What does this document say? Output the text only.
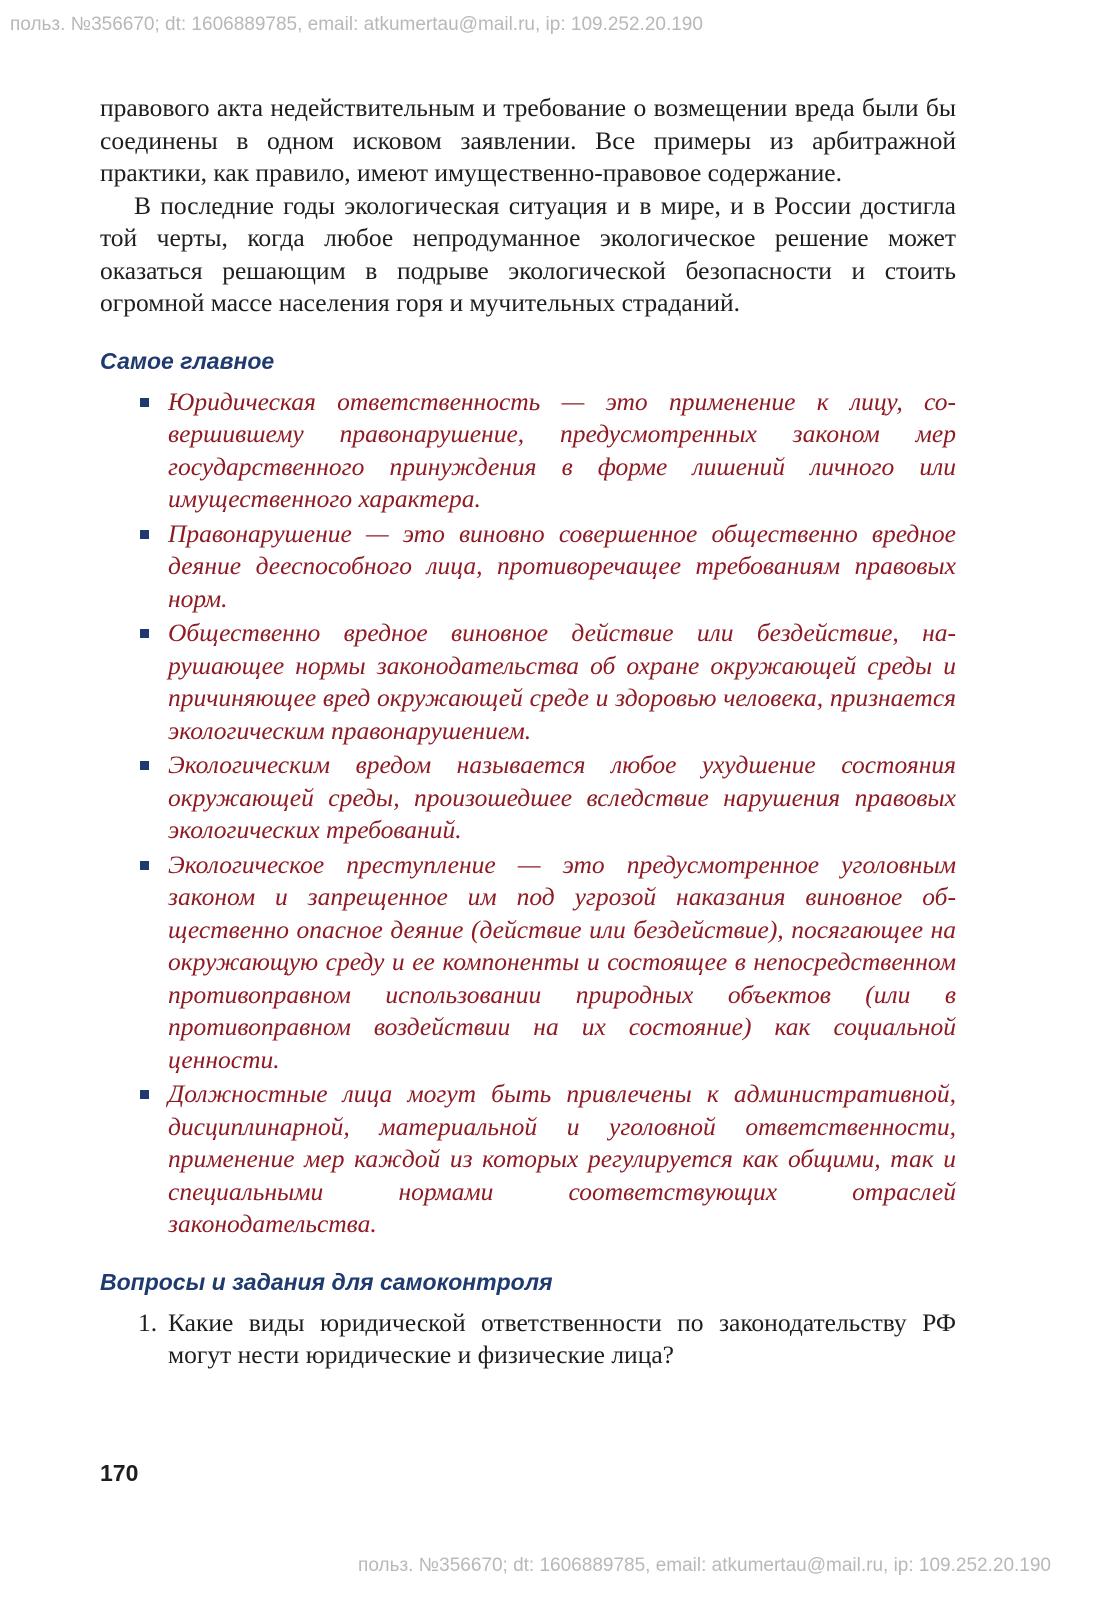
польз. №356670; dt: 1606889785, email: atkumertau@mail.ru, ip: 109.252.20.190

правового акта недействительным и требование о возмещении вреда были бы соединены в одном исковом заявлении. Все примеры из арбитражной практики, как правило, имеют имущественно-правовое содержание.

В последние годы экологическая ситуация и в мире, и в России достигла той черты, когда любое непродуманное экологическое решение может оказаться решающим в подрыве экологической безопасности и стоить огромной массе населения горя и мучительных страданий.

Самое главное
Юридическая ответственность — это применение к лицу, совершившему правонарушение, предусмотренных законом мер государственного принуждения в форме лишений личного или имущественного характера.
Правонарушение — это виновно совершенное общественно вредное деяние дееспособного лица, противоречащее требованиям правовых норм.
Общественно вредное виновное действие или бездействие, нарушающее нормы законодательства об охране окружающей среды и причиняющее вред окружающей среде и здоровью человека, признается экологическим правонарушением.
Экологическим вредом называется любое ухудшение состояния окружающей среды, произошедшее вследствие нарушения правовых экологических требований.
Экологическое преступление — это предусмотренное уголовным законом и запрещенное им под угрозой наказания виновное общественно опасное деяние (действие или бездействие), посягающее на окружающую среду и ее компоненты и состоящее в непосредственном противоправном использовании природных объектов (или в противоправном воздействии на их состояние) как социальной ценности.
Должностные лица могут быть привлечены к административной, дисциплинарной, материальной и уголовной ответственности, применение мер каждой из которых регулируется как общими, так и специальными нормами соответствующих отраслей законодательства.
Вопросы и задания для самоконтроля
1. Какие виды юридической ответственности по законодательству РФ могут нести юридические и физические лица?
170
польз. №356670; dt: 1606889785, email: atkumertau@mail.ru, ip: 109.252.20.190
